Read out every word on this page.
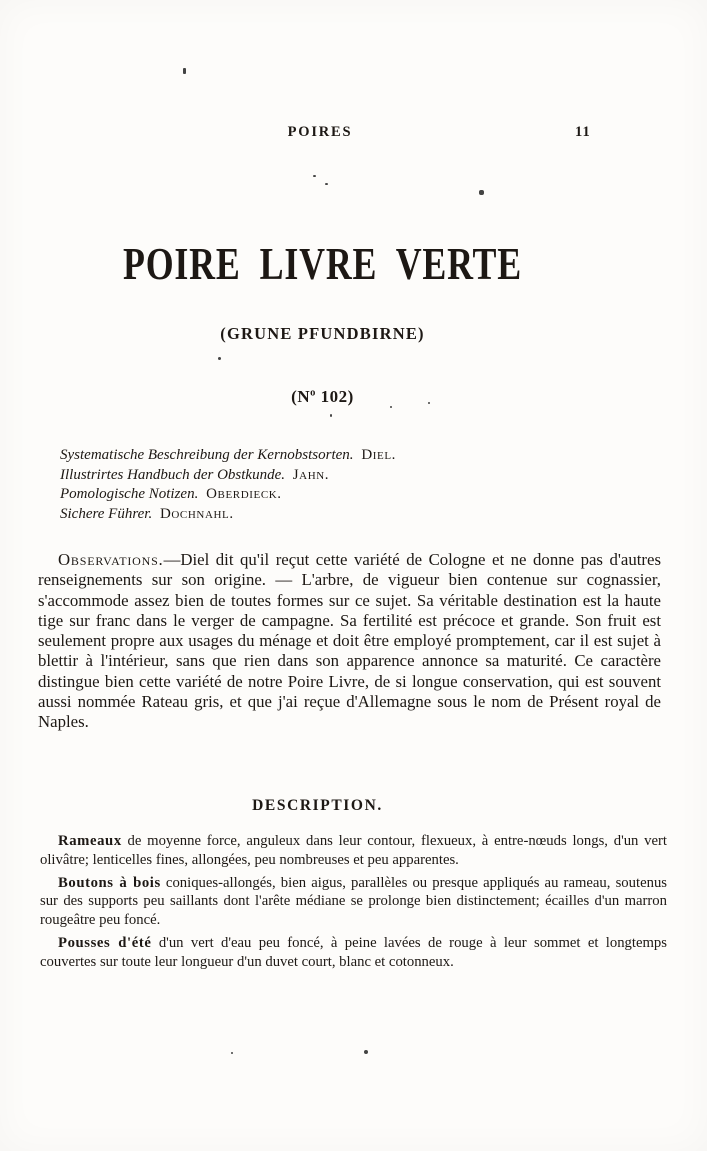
POIRES	11
POIRE LIVRE VERTE
(GRUNE PFUNDBIRNE)
($N^o$ 102)
Systematische Beschreibung der Kernobstsorten. Diel.
Illustrirtes Handbuch der Obstkunde. Jahn.
Pomologische Notizen. Oberdieck.
Sichere Führer. Dochnahl.
Observations.—Diel dit qu'il reçut cette variété de Cologne et ne donne pas d'autres renseignements sur son origine. — L'arbre, de vigueur bien contenue sur cognassier, s'accommode assez bien de toutes formes sur ce sujet. Sa véritable destination est la haute tige sur franc dans le verger de campagne. Sa fertilité est précoce et grande. Son fruit est seulement propre aux usages du ménage et doit être employé promptement, car il est sujet à blettir à l'intérieur, sans que rien dans son apparence annonce sa maturité. Ce caractère distingue bien cette variété de notre Poire Livre, de si longue conservation, qui est souvent aussi nommée Rateau gris, et que j'ai reçue d'Allemagne sous le nom de Présent royal de Naples.
DESCRIPTION.

Rameaux de moyenne force, anguleux dans leur contour, flexueux, à entre-nœuds longs, d'un vert olivâtre; lenticelles fines, allongées, peu nombreuses et peu apparentes.

Boutons à bois coniques-allongés, bien aigus, parallèles ou presque appliqués au rameau, soutenus sur des supports peu saillants dont l'arête médiane se prolonge bien distinctement; écailles d'un marron rougeâtre peu foncé.

Pousses d'été d'un vert d'eau peu foncé, à peine lavées de rouge à leur sommet et longtemps couvertes sur toute leur longueur d'un duvet court, blanc et cotonneux.
